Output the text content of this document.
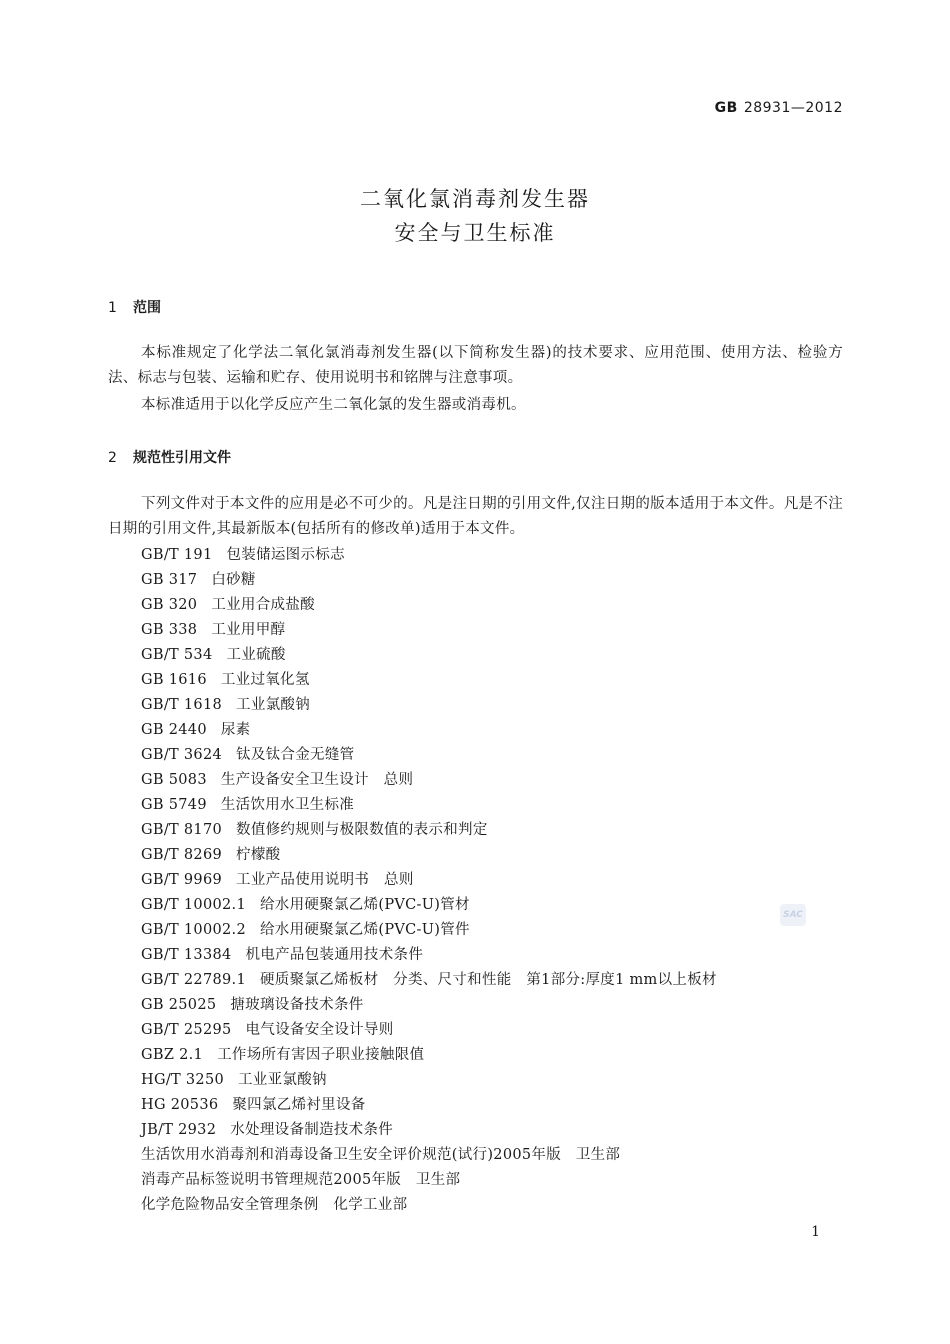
GB 28931—2012
二氧化氯消毒剂发生器
安全与卫生标准
1 范围

本标准规定了化学法二氧化氯消毒剂发生器(以下简称发生器)的技术要求、应用范围、使用方法、检验方法、标志与包装、运输和贮存、使用说明书和铭牌与注意事项。

本标准适用于以化学反应产生二氧化氯的发生器或消毒机。

2 规范性引用文件

下列文件对于本文件的应用是必不可少的。凡是注日期的引用文件,仅注日期的版本适用于本文件。凡是不注日期的引用文件,其最新版本(包括所有的修改单)适用于本文件。

GB/T 191 包装储运图示标志
GB 317 白砂糖
GB 320 工业用合成盐酸
GB 338 工业用甲醇
GB/T 534 工业硫酸
GB 1616 工业过氧化氢
GB/T 1618 工业氯酸钠
GB 2440 尿素
GB/T 3624 钛及钛合金无缝管
GB 5083 生产设备安全卫生设计　总则
GB 5749 生活饮用水卫生标准
GB/T 8170 数值修约规则与极限数值的表示和判定
GB/T 8269 柠檬酸
GB/T 9969 工业产品使用说明书　总则
GB/T 10002.1 给水用硬聚氯乙烯(PVC-U)管材
GB/T 10002.2 给水用硬聚氯乙烯(PVC-U)管件
GB/T 13384 机电产品包装通用技术条件
GB/T 22789.1 硬质聚氯乙烯板材　分类、尺寸和性能　第1部分:厚度1 mm以上板材
GB 25025 搪玻璃设备技术条件
GB/T 25295 电气设备安全设计导则
GBZ 2.1 工作场所有害因子职业接触限值
HG/T 3250 工业亚氯酸钠
HG 20536 聚四氯乙烯衬里设备
JB/T 2932 水处理设备制造技术条件
生活饮用水消毒剂和消毒设备卫生安全评价规范(试行)2005年版　卫生部
消毒产品标签说明书管理规范2005年版　卫生部
化学危险物品安全管理条例　化学工业部
SAC
1
